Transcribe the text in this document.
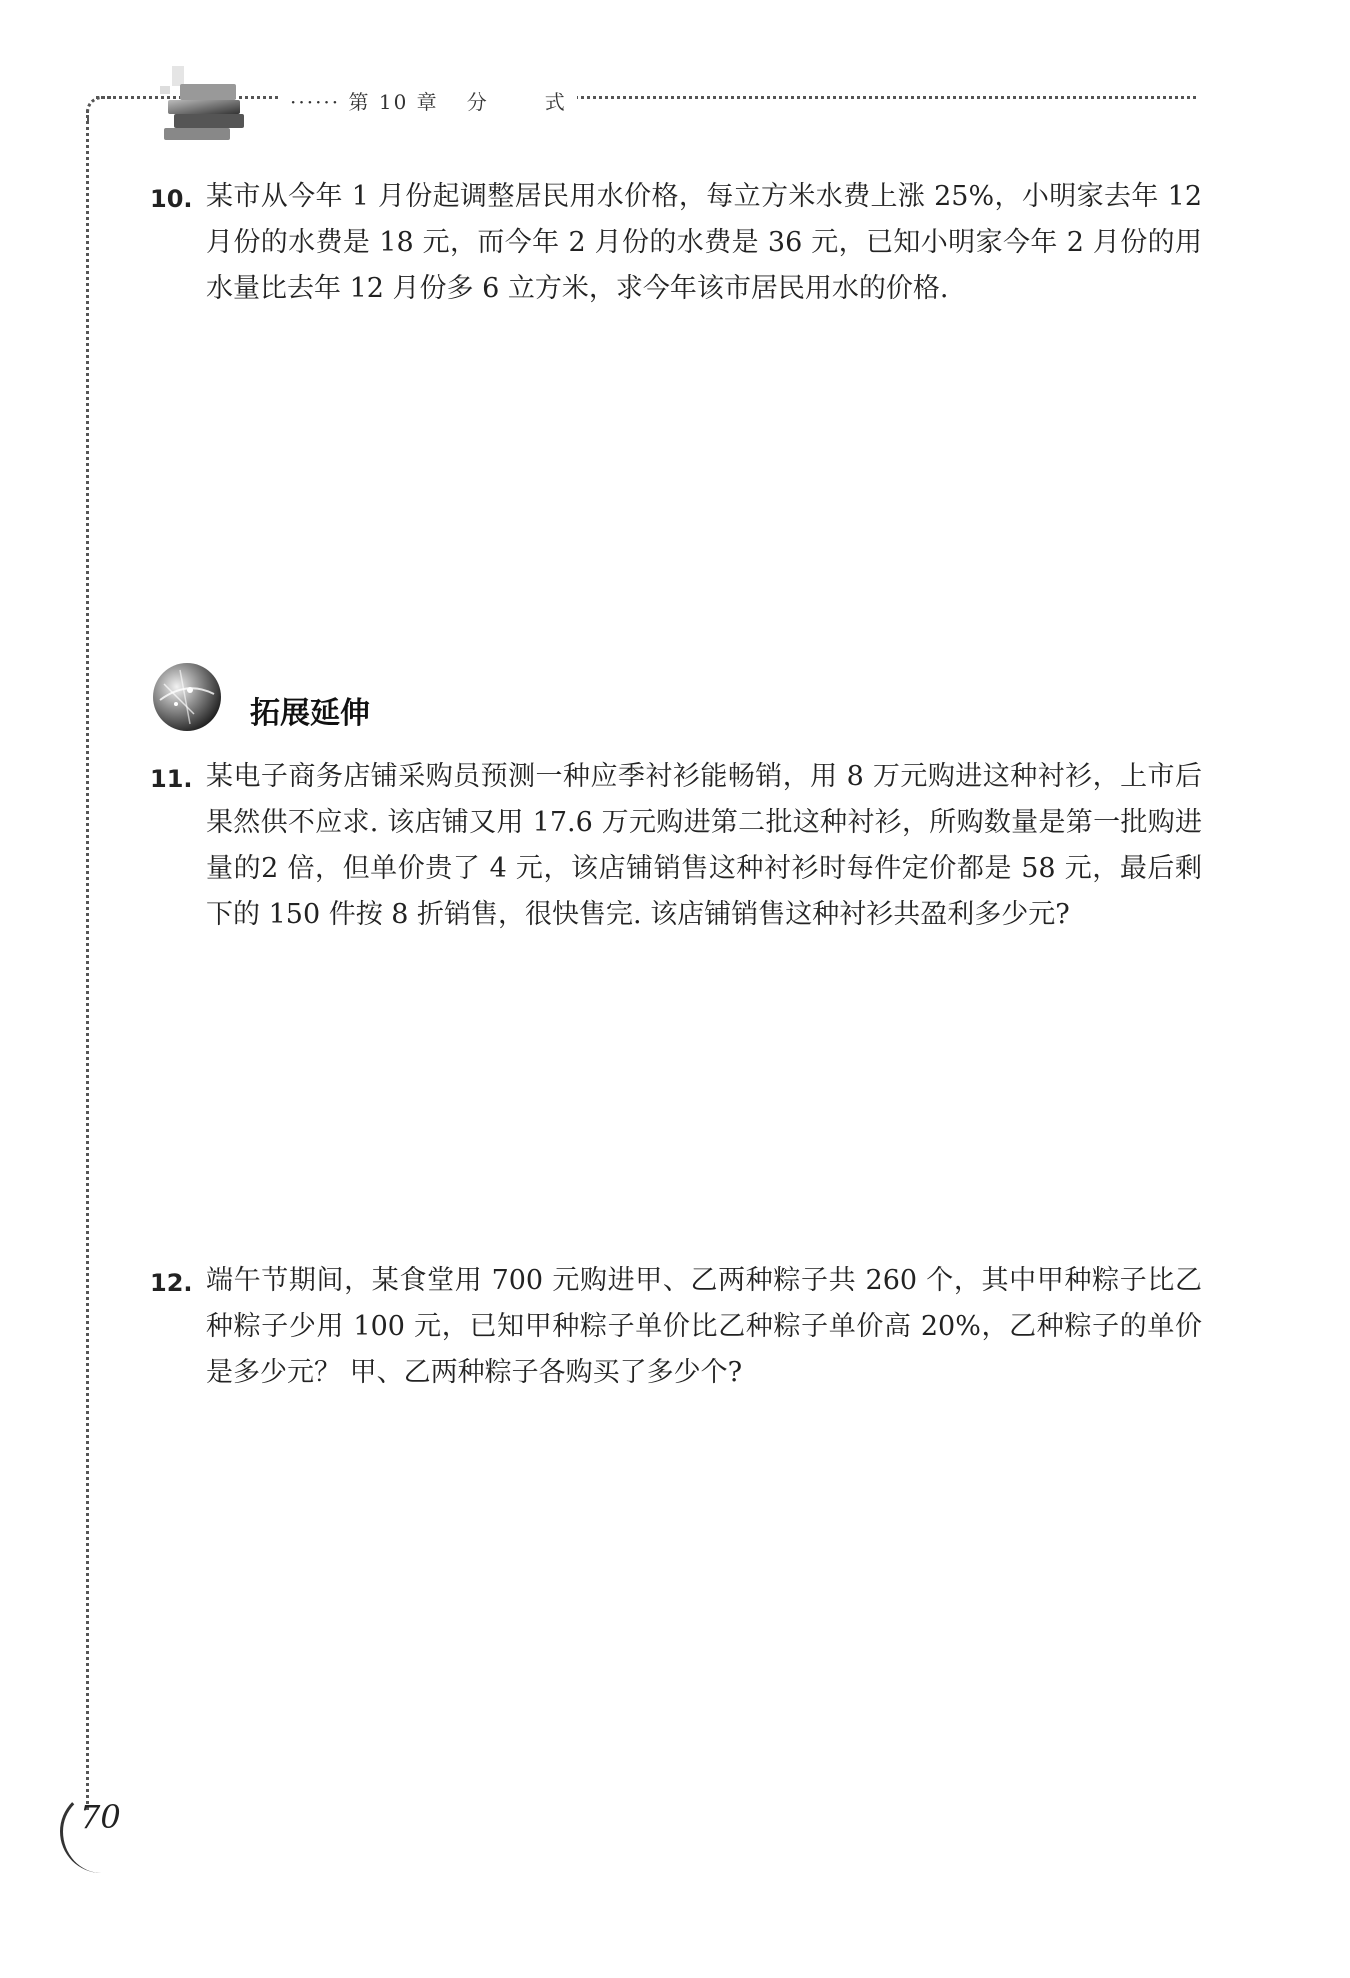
······ 第 10 章 分	式
10. 某市从今年 1 月份起调整居民用水价格，每立方米水费上涨 25%，小明家去年 12 月份的水费是 18 元，而今年 2 月份的水费是 36 元，已知小明家今年 2 月份的用水量比去年 12 月份多 6 立方米，求今年该市居民用水的价格.
拓展延伸
11. 某电子商务店铺采购员预测一种应季衬衫能畅销，用 8 万元购进这种衬衫，上市后果然供不应求. 该店铺又用 17.6 万元购进第二批这种衬衫，所购数量是第一批购进量的2 倍，但单价贵了 4 元，该店铺销售这种衬衫时每件定价都是 58 元，最后剩下的 150 件按 8 折销售，很快售完. 该店铺销售这种衬衫共盈利多少元?
12. 端午节期间，某食堂用 700 元购进甲、乙两种粽子共 260 个，其中甲种粽子比乙种粽子少用 100 元，已知甲种粽子单价比乙种粽子单价高 20%，乙种粽子的单价是多少元？ 甲、乙两种粽子各购买了多少个?
70
